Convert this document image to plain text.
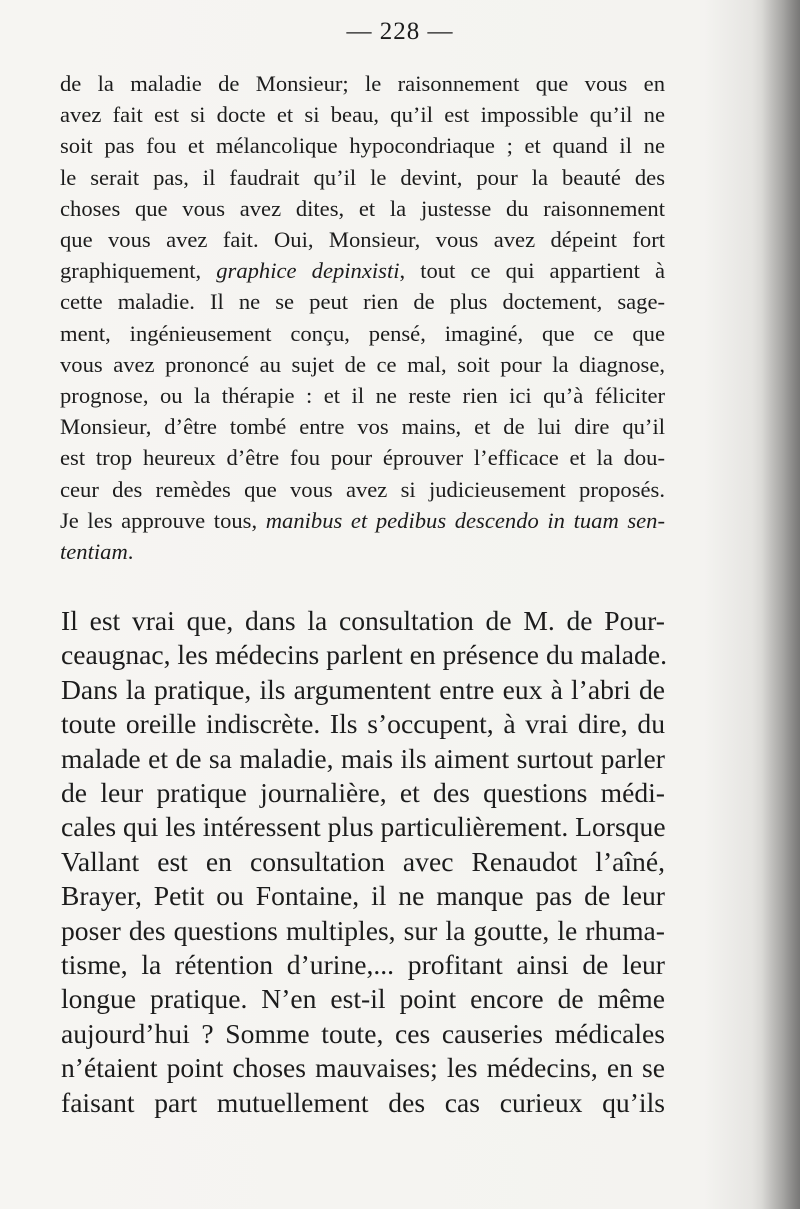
— 228 —
de la maladie de Monsieur; le raisonnement que vous en
avez fait est si docte et si beau, qu’il est impossible qu’il ne
soit pas fou et mélancolique hypocondriaque ; et quand il ne
le serait pas, il faudrait qu’il le devint, pour la beauté des
choses que vous avez dites, et la justesse du raisonnement
que vous avez fait. Oui, Monsieur, vous avez dépeint fort
graphiquement, graphice depinxisti, tout ce qui appartient à
cette maladie. Il ne se peut rien de plus doctement, sage-
ment, ingénieusement conçu, pensé, imaginé, que ce que
vous avez prononcé au sujet de ce mal, soit pour la diagnose,
prognose, ou la thérapie : et il ne reste rien ici qu’à féliciter
Monsieur, d’être tombé entre vos mains, et de lui dire qu’il
est trop heureux d’être fou pour éprouver l’efficace et la dou-
ceur des remèdes que vous avez si judicieusement proposés.
Je les approuve tous, manibus et pedibus descendo in tuam sen-
tentiam.
Il est vrai que, dans la consultation de M. de Pour-
ceaugnac, les médecins parlent en présence du malade.
Dans la pratique, ils argumentent entre eux à l’abri de
toute oreille indiscrète. Ils s’occupent, à vrai dire, du
malade et de sa maladie, mais ils aiment surtout parler
de leur pratique journalière, et des questions médi-
cales qui les intéressent plus particulièrement. Lorsque
Vallant est en consultation avec Renaudot l’aîné,
Brayer, Petit ou Fontaine, il ne manque pas de leur
poser des questions multiples, sur la goutte, le rhuma-
tisme, la rétention d’urine,... profitant ainsi de leur
longue pratique. N’en est-il point encore de même
aujourd’hui ? Somme toute, ces causeries médicales
n’étaient point choses mauvaises; les médecins, en se
faisant part mutuellement des cas curieux qu’ils
